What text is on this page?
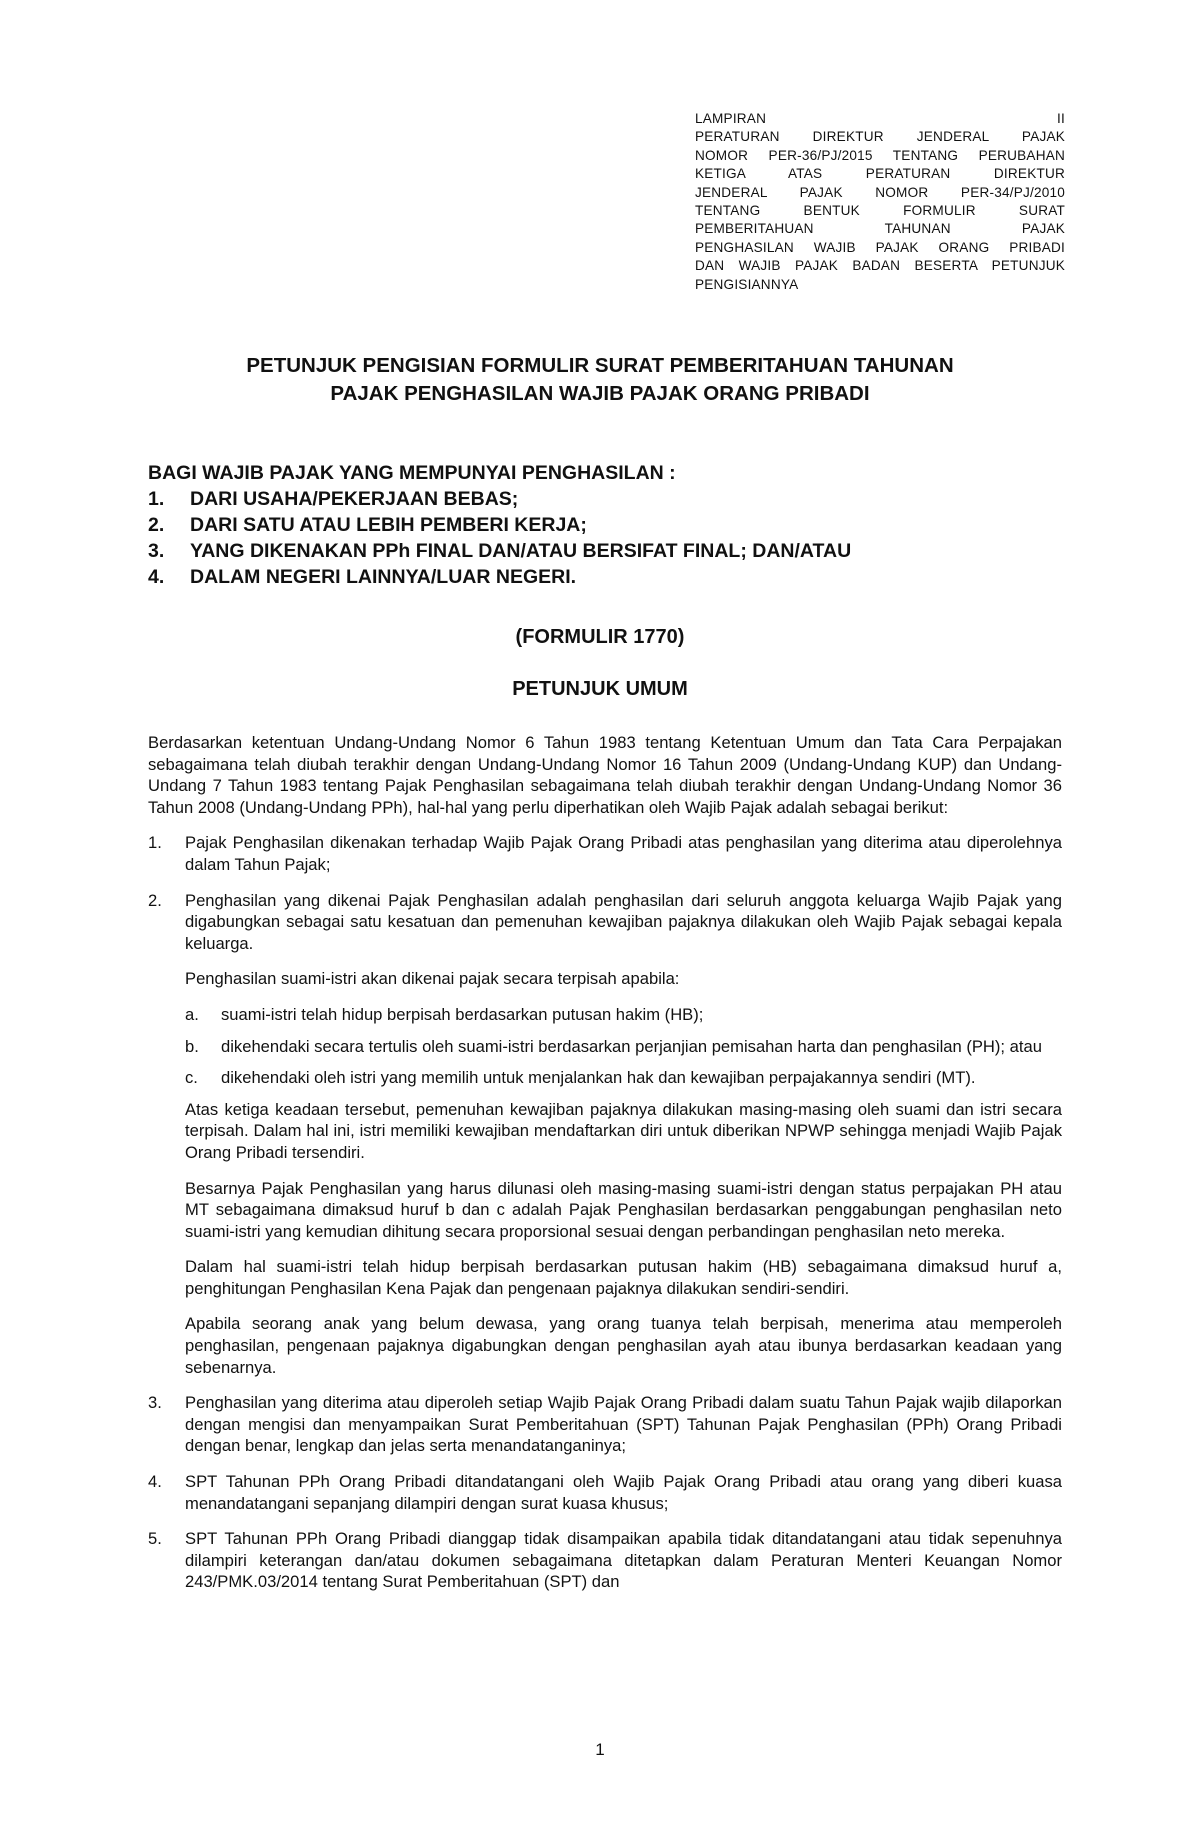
LAMPIRAN II
PERATURAN DIREKTUR JENDERAL PAJAK
NOMOR PER-36/PJ/2015 TENTANG PERUBAHAN
KETIGA ATAS PERATURAN DIREKTUR
JENDERAL PAJAK NOMOR PER-34/PJ/2010
TENTANG BENTUK FORMULIR SURAT
PEMBERITAHUAN TAHUNAN PAJAK
PENGHASILAN WAJIB PAJAK ORANG PRIBADI
DAN WAJIB PAJAK BADAN BESERTA PETUNJUK
PENGISIANNYA
PETUNJUK PENGISIAN FORMULIR SURAT PEMBERITAHUAN TAHUNAN
PAJAK PENGHASILAN WAJIB PAJAK ORANG PRIBADI
BAGI WAJIB PAJAK YANG MEMPUNYAI PENGHASILAN :
1.	DARI USAHA/PEKERJAAN BEBAS;
2.	DARI SATU ATAU LEBIH PEMBERI KERJA;
3.	YANG DIKENAKAN PPh FINAL DAN/ATAU BERSIFAT FINAL; DAN/ATAU
4.	DALAM NEGERI LAINNYA/LUAR NEGERI.
(FORMULIR 1770)
PETUNJUK UMUM

Berdasarkan ketentuan Undang-Undang Nomor 6 Tahun 1983 tentang Ketentuan Umum dan Tata Cara Perpajakan sebagaimana telah diubah terakhir dengan Undang-Undang Nomor 16 Tahun 2009 (Undang-Undang KUP) dan Undang-Undang 7 Tahun 1983 tentang Pajak Penghasilan sebagaimana telah diubah terakhir dengan Undang-Undang Nomor 36 Tahun 2008 (Undang-Undang PPh), hal-hal yang perlu diperhatikan oleh Wajib Pajak adalah sebagai berikut:

1.	Pajak Penghasilan dikenakan terhadap Wajib Pajak Orang Pribadi atas penghasilan yang diterima atau diperolehnya dalam Tahun Pajak;

2.	Penghasilan yang dikenai Pajak Penghasilan adalah penghasilan dari seluruh anggota keluarga Wajib Pajak yang digabungkan sebagai satu kesatuan dan pemenuhan kewajiban pajaknya dilakukan oleh Wajib Pajak sebagai kepala keluarga.

Penghasilan suami-istri akan dikenai pajak secara terpisah apabila:

a.	suami-istri telah hidup berpisah berdasarkan putusan hakim (HB);
b.	dikehendaki secara tertulis oleh suami-istri berdasarkan perjanjian pemisahan harta dan penghasilan (PH); atau
c.	dikehendaki oleh istri yang memilih untuk menjalankan hak dan kewajiban perpajakannya sendiri (MT).

Atas ketiga keadaan tersebut, pemenuhan kewajiban pajaknya dilakukan masing-masing oleh suami dan istri secara terpisah. Dalam hal ini, istri memiliki kewajiban mendaftarkan diri untuk diberikan NPWP sehingga menjadi Wajib Pajak Orang Pribadi tersendiri.

Besarnya Pajak Penghasilan yang harus dilunasi oleh masing-masing suami-istri dengan status perpajakan PH atau MT sebagaimana dimaksud huruf b dan c adalah Pajak Penghasilan berdasarkan penggabungan penghasilan neto suami-istri yang kemudian dihitung secara proporsional sesuai dengan perbandingan penghasilan neto mereka.

Dalam hal suami-istri telah hidup berpisah berdasarkan putusan hakim (HB) sebagaimana dimaksud huruf a, penghitungan Penghasilan Kena Pajak dan pengenaan pajaknya dilakukan sendiri-sendiri.

Apabila seorang anak yang belum dewasa, yang orang tuanya telah berpisah, menerima atau memperoleh penghasilan, pengenaan pajaknya digabungkan dengan penghasilan ayah atau ibunya berdasarkan keadaan yang sebenarnya.

3.	Penghasilan yang diterima atau diperoleh setiap Wajib Pajak Orang Pribadi dalam suatu Tahun Pajak wajib dilaporkan dengan mengisi dan menyampaikan Surat Pemberitahuan (SPT) Tahunan Pajak Penghasilan (PPh) Orang Pribadi dengan benar, lengkap dan jelas serta menandatanganinya;

4.	SPT Tahunan PPh Orang Pribadi ditandatangani oleh Wajib Pajak Orang Pribadi atau orang yang diberi kuasa menandatangani sepanjang dilampiri dengan surat kuasa khusus;

5.	SPT Tahunan PPh Orang Pribadi dianggap tidak disampaikan apabila tidak ditandatangani atau tidak sepenuhnya dilampiri keterangan dan/atau dokumen sebagaimana ditetapkan dalam Peraturan Menteri Keuangan Nomor 243/PMK.03/2014 tentang Surat Pemberitahuan (SPT) dan

1
